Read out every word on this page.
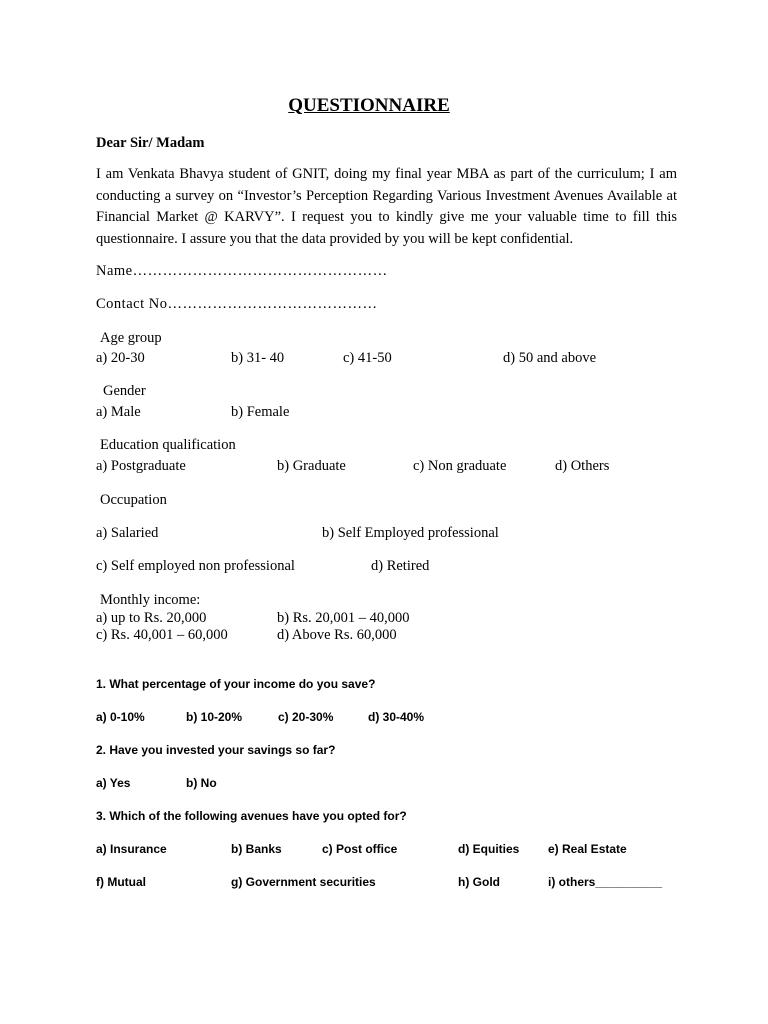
QUESTIONNAIRE
Dear Sir/ Madam
I am Venkata Bhavya student of GNIT, doing my final year MBA as part of the curriculum; I am conducting a survey on “Investor’s Perception Regarding Various Investment Avenues Available at Financial Market @ KARVY”. I request you to kindly give me your valuable time to fill this questionnaire. I assure you that the data provided by you will be kept confidential.
Name……………………………………………
Contact No……………………………………
Age group
a) 20-30	b) 31- 40	c) 41-50	d) 50 and above
Gender
a) Male	b) Female
Education qualification
a) Postgraduate	b) Graduate	c) Non graduate	d) Others
Occupation
a) Salaried	b) Self Employed professional
c) Self employed non professional	d) Retired
Monthly income:
a) up to Rs. 20,000	b) Rs. 20,001 – 40,000
c) Rs. 40,001 – 60,000	d) Above Rs. 60,000
1. What percentage of your income do you save?
a) 0-10%	b) 10-20%	c) 20-30%	d) 30-40%
2. Have you invested your savings so far?
a) Yes	b) No
3. Which of the following avenues have you opted for?
a) Insurance	b) Banks	c) Post office	d) Equities e) Real Estate
f) Mutual	g) Government securities	h) Gold	i) others__________
